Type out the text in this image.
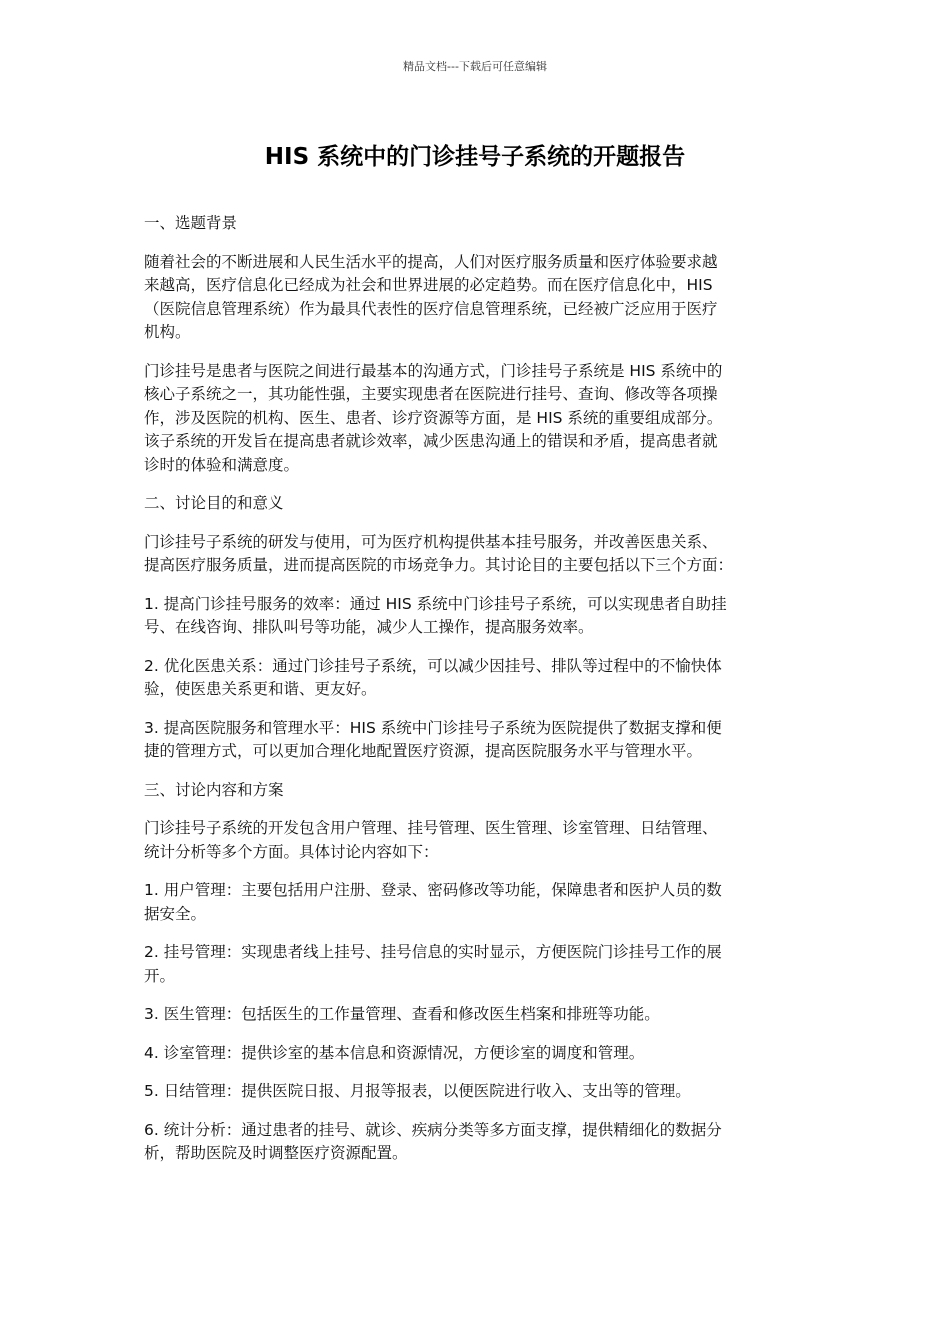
精品文档---下载后可任意编辑
HIS 系统中的门诊挂号子系统的开题报告

一、选题背景

随着社会的不断进展和人民生活水平的提高，人们对医疗服务质量和医疗体验要求越
来越高，医疗信息化已经成为社会和世界进展的必定趋势。而在医疗信息化中，HIS
（医院信息管理系统）作为最具代表性的医疗信息管理系统，已经被广泛应用于医疗
机构。

门诊挂号是患者与医院之间进行最基本的沟通方式，门诊挂号子系统是 HIS 系统中的
核心子系统之一，其功能性强，主要实现患者在医院进行挂号、查询、修改等各项操
作，涉及医院的机构、医生、患者、诊疗资源等方面，是 HIS 系统的重要组成部分。
该子系统的开发旨在提高患者就诊效率，减少医患沟通上的错误和矛盾，提高患者就
诊时的体验和满意度。

二、讨论目的和意义

门诊挂号子系统的研发与使用，可为医疗机构提供基本挂号服务，并改善医患关系、
提高医疗服务质量，进而提高医院的市场竞争力。其讨论目的主要包括以下三个方面：

1. 提高门诊挂号服务的效率：通过 HIS 系统中门诊挂号子系统，可以实现患者自助挂
号、在线咨询、排队叫号等功能，减少人工操作，提高服务效率。

2. 优化医患关系：通过门诊挂号子系统，可以减少因挂号、排队等过程中的不愉快体
验，使医患关系更和谐、更友好。

3. 提高医院服务和管理水平：HIS 系统中门诊挂号子系统为医院提供了数据支撑和便
捷的管理方式，可以更加合理化地配置医疗资源，提高医院服务水平与管理水平。

三、讨论内容和方案

门诊挂号子系统的开发包含用户管理、挂号管理、医生管理、诊室管理、日结管理、
统计分析等多个方面。具体讨论内容如下：

1. 用户管理：主要包括用户注册、登录、密码修改等功能，保障患者和医护人员的数
据安全。

2. 挂号管理：实现患者线上挂号、挂号信息的实时显示，方便医院门诊挂号工作的展
开。

3. 医生管理：包括医生的工作量管理、查看和修改医生档案和排班等功能。

4. 诊室管理：提供诊室的基本信息和资源情况，方便诊室的调度和管理。

5. 日结管理：提供医院日报、月报等报表，以便医院进行收入、支出等的管理。

6. 统计分析：通过患者的挂号、就诊、疾病分类等多方面支撑，提供精细化的数据分
析，帮助医院及时调整医疗资源配置。
